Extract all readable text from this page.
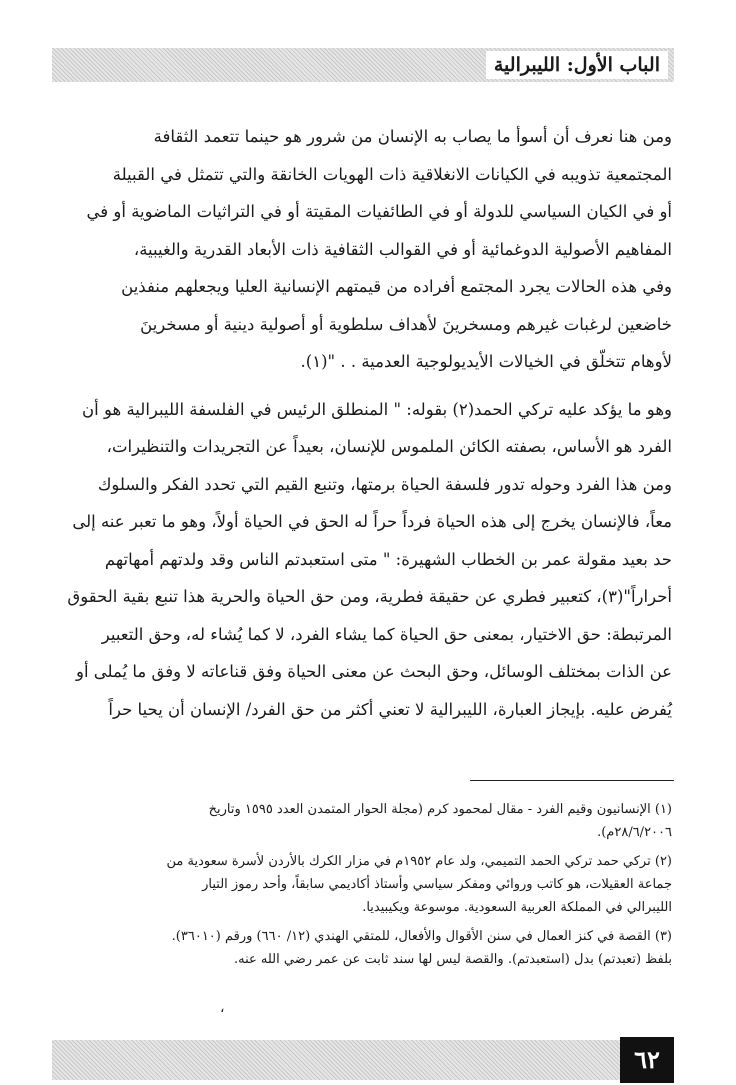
الباب الأول: الليبرالية

ومن هنا نعرف أن أسوأ ما يصاب به الإنسان من شرور هو حينما تتعمد الثقافة

المجتمعية تذويبه في الكيانات الانغلاقية ذات الهويات الخانقة والتي تتمثل في القبيلة

أو في الكيان السياسي للدولة أو في الطائفيات المقيتة أو في التراثيات الماضوية أو في

المفاهيم الأصولية الدوغمائية أو في القوالب الثقافية ذات الأبعاد القدرية والغيبية،

وفي هذه الحالات يجرد المجتمع أفراده من قيمتهم الإنسانية العليا ويجعلهم منفذين

خاضعين لرغبات غيرهم ومسخرينَ لأهداف سلطوية أو أصولية دينية أو مسخرينَ

لأوهام تتخلّق في الخيالات الأيديولوجية العدمية . . "(١).

وهو ما يؤكد عليه تركي الحمد(٢) بقوله: " المنطلق الرئيس في الفلسفة الليبرالية هو أن

الفرد هو الأساس، بصفته الكائن الملموس للإنسان، بعيداً عن التجريدات والتنظيرات،

ومن هذا الفرد وحوله تدور فلسفة الحياة برمتها، وتنبع القيم التي تحدد الفكر والسلوك

معاً، فالإنسان يخرج إلى هذه الحياة فرداً حراً له الحق في الحياة أولاً، وهو ما تعبر عنه إلى

حد بعيد مقولة عمر بن الخطاب الشهيرة: " متى استعبدتم الناس وقد ولدتهم أمهاتهم

أحراراً"(٣)، كتعبير فطري عن حقيقة فطرية، ومن حق الحياة والحرية هذا تنبع بقية الحقوق

المرتبطة: حق الاختيار، بمعنى حق الحياة كما يشاء الفرد، لا كما يُشاء له، وحق التعبير

عن الذات بمختلف الوسائل، وحق البحث عن معنى الحياة وفق قناعاته لا وفق ما يُملى أو

يُفرض عليه. بإيجاز العبارة، الليبرالية لا تعني أكثر من حق الفرد/ الإنسان أن يحيا حراً

(١) الإنسانيون وقيم الفرد - مقال لمحمود كرم (مجلة الحوار المتمدن العدد ١٥٩٥ وتاريخ

٢٨/٦/٢٠٠٦م).

(٢) تركي حمد تركي الحمد التميمي، ولد عام ١٩٥٢م في مزار الكرك بالأردن لأسرة سعودية من

جماعة العقيلات، هو كاتب وروائي ومفكر سياسي وأستاذ أكاديمي سابقاً، وأحد رموز التيار

الليبرالي في المملكة العربية السعودية. موسوعة ويكيبيديا.

(٣) القصة في كنز العمال في سنن الأقوال والأفعال، للمتقي الهندي (١٢/ ٦٦٠) ورقم (٣٦٠١٠).

بلفظ (تعبدتم) بدل (استعبدتم). والقصة ليس لها سند ثابت عن عمر رضي الله عنه.

،
٦٢
